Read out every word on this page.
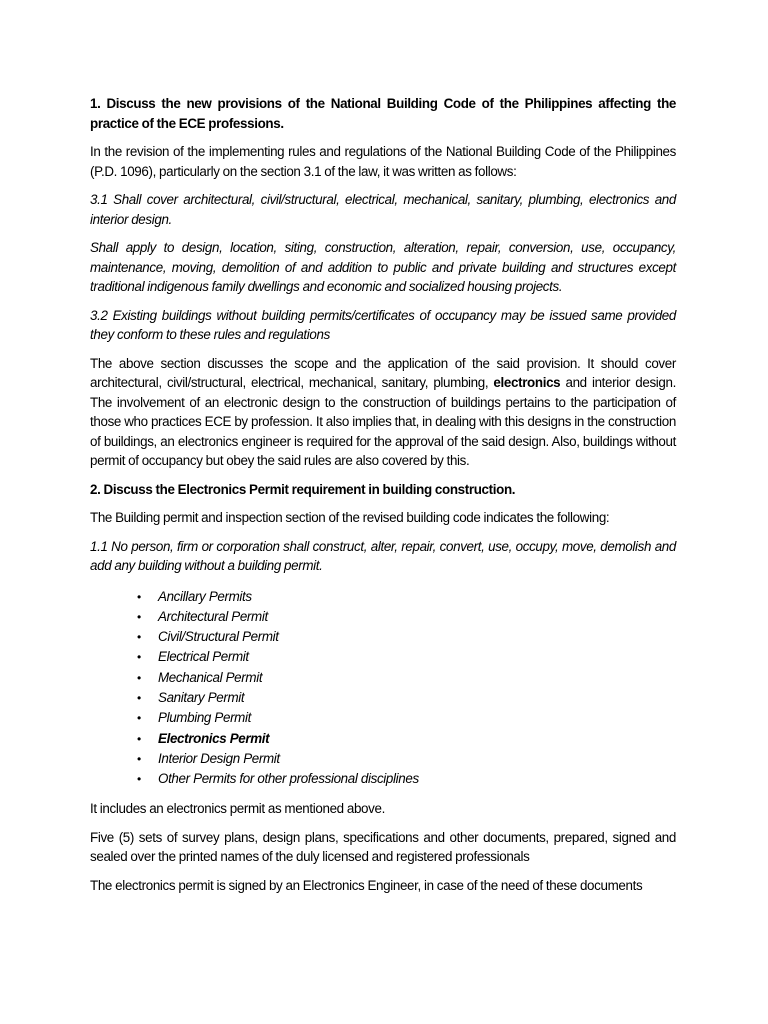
1. Discuss the new provisions of the National Building Code of the Philippines affecting the practice of the ECE professions.

In the revision of the implementing rules and regulations of the National Building Code of the Philippines (P.D. 1096), particularly on the section 3.1 of the law, it was written as follows:

3.1 Shall cover architectural, civil/structural, electrical, mechanical, sanitary, plumbing, electronics and interior design.

Shall apply to design, location, siting, construction, alteration, repair, conversion, use, occupancy, maintenance, moving, demolition of and addition to public and private building and structures except traditional indigenous family dwellings and economic and socialized housing projects.

3.2 Existing buildings without building permits/certificates of occupancy may be issued same provided they conform to these rules and regulations

The above section discusses the scope and the application of the said provision. It should cover architectural, civil/structural, electrical, mechanical, sanitary, plumbing, electronics and interior design. The involvement of an electronic design to the construction of buildings pertains to the participation of those who practices ECE by profession. It also implies that, in dealing with this designs in the construction of buildings, an electronics engineer is required for the approval of the said design. Also, buildings without permit of occupancy but obey the said rules are also covered by this.

2. Discuss the Electronics Permit requirement in building construction.

The Building permit and inspection section of the revised building code indicates the following:

1.1 No person, firm or corporation shall construct, alter, repair, convert, use, occupy, move, demolish and add any building without a building permit.

• Ancillary Permits
• Architectural Permit
• Civil/Structural Permit
• Electrical Permit
• Mechanical Permit
• Sanitary Permit
• Plumbing Permit
• Electronics Permit
• Interior Design Permit
• Other Permits for other professional disciplines

It includes an electronics permit as mentioned above.

Five (5) sets of survey plans, design plans, specifications and other documents, prepared, signed and sealed over the printed names of the duly licensed and registered professionals

The electronics permit is signed by an Electronics Engineer, in case of the need of these documents
